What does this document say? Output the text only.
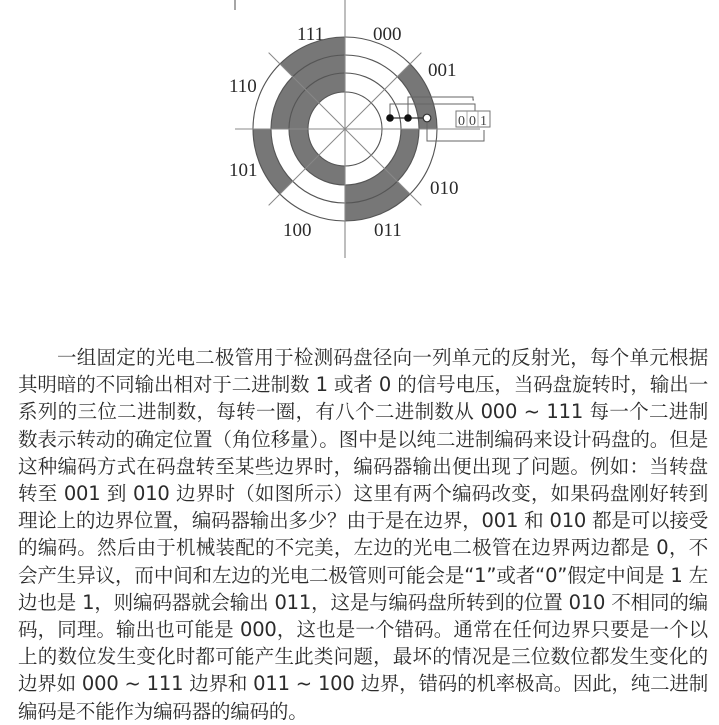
111	000
001
110
101
010
100	011
0 0 1

一组固定的光电二极管用于检测码盘径向一列单元的反射光，每个单元根据其明暗的不同输出相对于二进制数 1 或者 0 的信号电压，当码盘旋转时，输出一系列的三位二进制数，每转一圈，有八个二进制数从 000 ~ 111 每一个二进制数表示转动的确定位置（角位移量）。图中是以纯二进制编码来设计码盘的。但是这种编码方式在码盘转至某些边界时，编码器输出便出现了问题。例如：当转盘转至 001 到 010 边界时（如图所示）这里有两个编码改变，如果码盘刚好转到理论上的边界位置，编码器输出多少？由于是在边界，001 和 010 都是可以接受的编码。然后由于机械装配的不完美，左边的光电二极管在边界两边都是 0，不会产生异议，而中间和左边的光电二极管则可能会是“1”或者“0”假定中间是 1 左边也是 1，则编码器就会输出 011，这是与编码盘所转到的位置 010 不相同的编码，同理。输出也可能是 000，这也是一个错码。通常在任何边界只要是一个以上的数位发生变化时都可能产生此类问题，最坏的情况是三位数位都发生变化的边界如 000 ~ 111 边界和 011 ~ 100 边界，错码的机率极高。因此，纯二进制编码是不能作为编码器的编码的。
